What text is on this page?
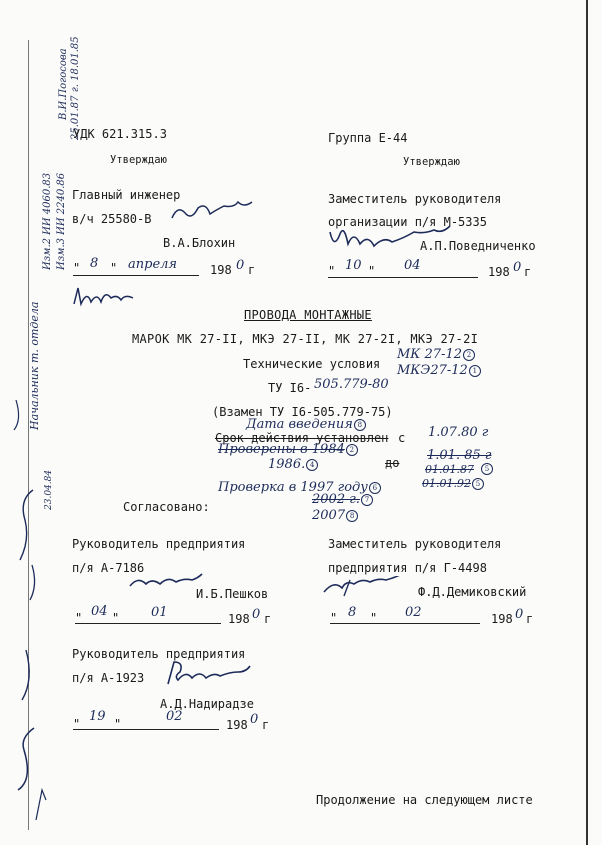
В.И.Погосова 25.01.87 г. 18.01.85
Изм.2 ИИ 4060.83 Изм.3 ИИ 2240.86
Начальник т. отдела
23.04.84
УДК 621.315.3	Группа Е-44
Утверждаю	Утверждаю
Главный инженер
в/ч 25580-В
В.А.Блохин
" 8 " апреля	198 0 г
Заместитель руководителя
организации п/я М-5335
А.П.Поведниченко
" 10 " 04	198 0 г
ПРОВОДА МОНТАЖНЫЕ
МАРОК МК 27-II, МКЭ 27-II, МК 27-2I, МКЭ 27-2I
Технические условия
МК 27-12 2
МКЭ27-12 1
ТУ I6- 505.779-80
(Взамен ТУ I6-505.779-75)
Дата введения 8
Срок действия установлен с 1.07.80 г
Проверены в 1984 2
1986. 4	до 1.01. 85 г
01.01.87	5
Проверка в 1997 году 6	01.01.92 5
2002 г. 7
2007 8
Согласовано:
Руководитель предприятия
п/я А-7186
И.Б.Пешков
" 04 " 01	198 0 г
Заместитель руководителя
предприятия п/я Г-4498
Ф.Д.Демиковский
" 8 " 02	198 0 г
Руководитель предприятия
п/я А-1923
А.Д.Надирадзе
" 19 "	02
198 0 г
Продолжение на следующем листе
